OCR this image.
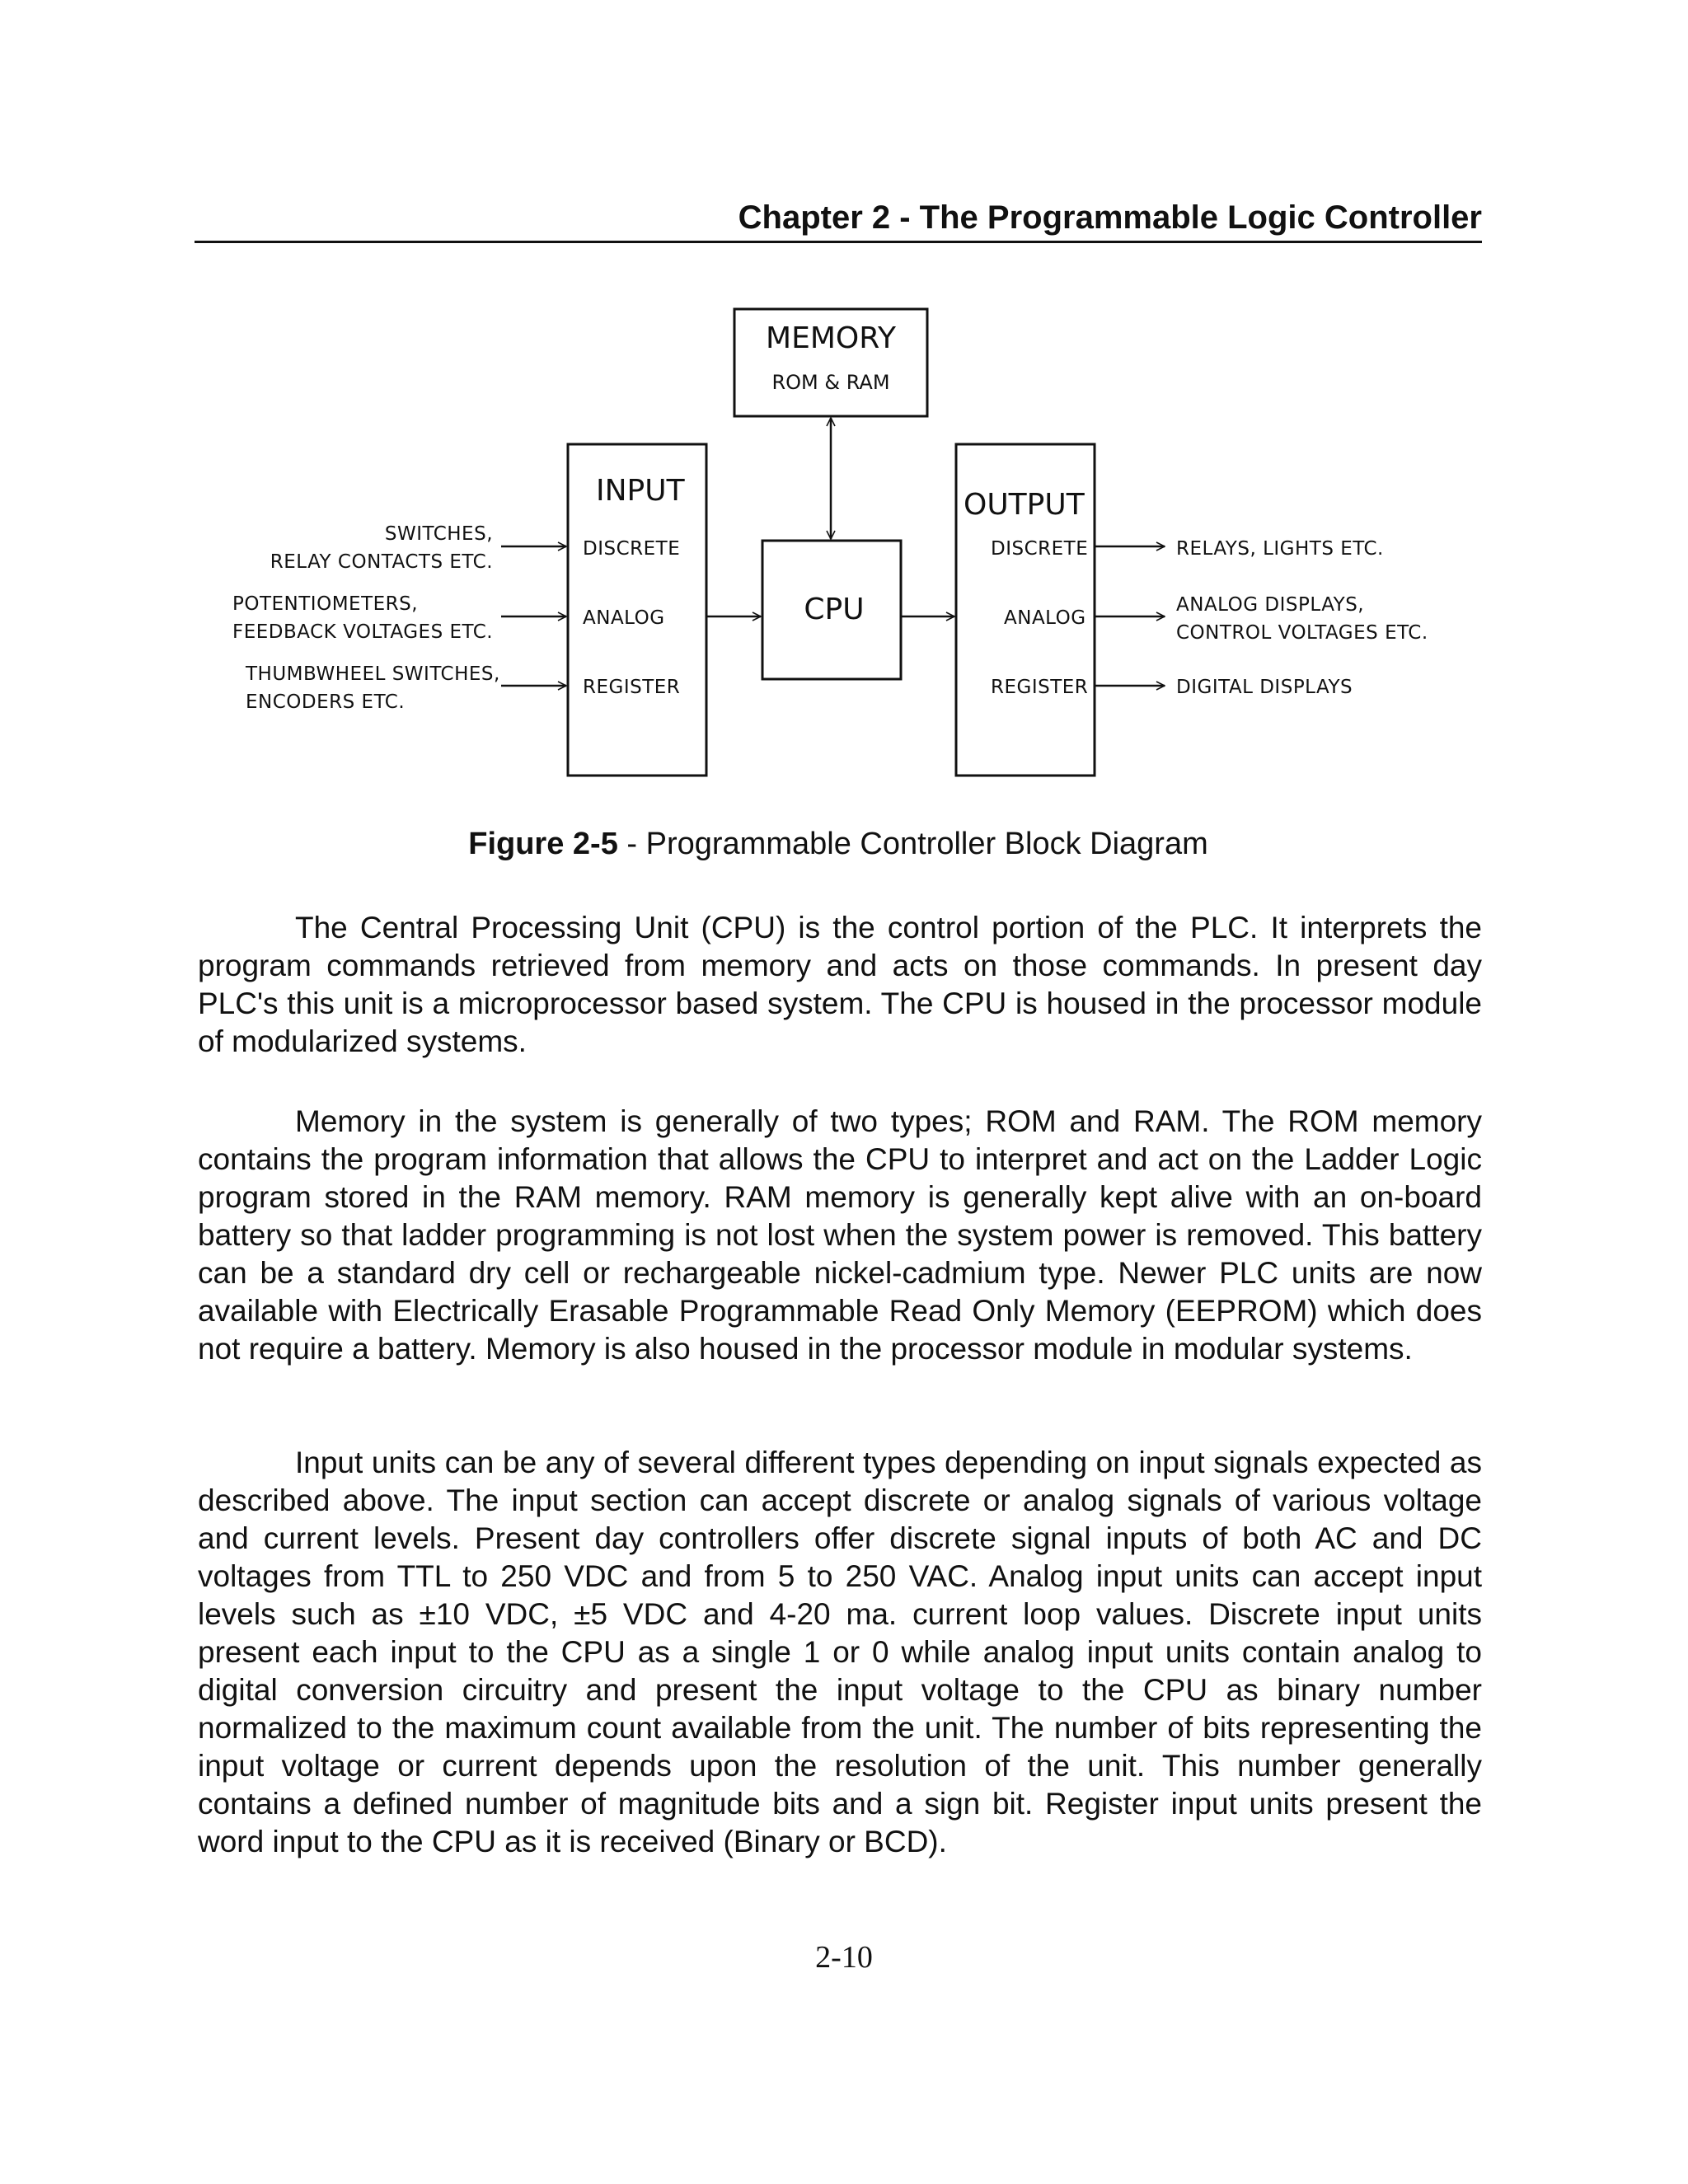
Chapter 2 - The Programmable Logic Controller
MEMORY
ROM & RAM
INPUT
DISCRETE
ANALOG
REGISTER
CPU
OUTPUT
DISCRETE
ANALOG
REGISTER
SWITCHES,
RELAY CONTACTS ETC.
POTENTIOMETERS,
FEEDBACK VOLTAGES ETC.
THUMBWHEEL SWITCHES,
ENCODERS ETC.
RELAYS, LIGHTS ETC.
ANALOG DISPLAYS,
CONTROL VOLTAGES ETC.
DIGITAL DISPLAYS
Figure 2-5 - Programmable Controller Block Diagram

The Central Processing Unit (CPU) is the control portion of the PLC. It interprets the program commands retrieved from memory and acts on those commands. In present day PLC's this unit is a microprocessor based system. The CPU is housed in the processor module of modularized systems.

Memory in the system is generally of two types; ROM and RAM. The ROM memory contains the program information that allows the CPU to interpret and act on the Ladder Logic program stored in the RAM memory. RAM memory is generally kept alive with an on-board battery so that ladder programming is not lost when the system power is removed. This battery can be a standard dry cell or rechargeable nickel-cadmium type. Newer PLC units are now available with Electrically Erasable Programmable Read Only Memory (EEPROM) which does not require a battery. Memory is also housed in the processor module in modular systems.

Input units can be any of several different types depending on input signals expected as described above. The input section can accept discrete or analog signals of various voltage and current levels. Present day controllers offer discrete signal inputs of both AC and DC voltages from TTL to 250 VDC and from 5 to 250 VAC. Analog input units can accept input levels such as ±10 VDC, ±5 VDC and 4-20 ma. current loop values. Discrete input units present each input to the CPU as a single 1 or 0 while analog input units contain analog to digital conversion circuitry and present the input voltage to the CPU as binary number normalized to the maximum count available from the unit. The number of bits representing the input voltage or current depends upon the resolution of the unit. This number generally contains a defined number of magnitude bits and a sign bit. Register input units present the word input to the CPU as it is received (Binary or BCD).

2-10
